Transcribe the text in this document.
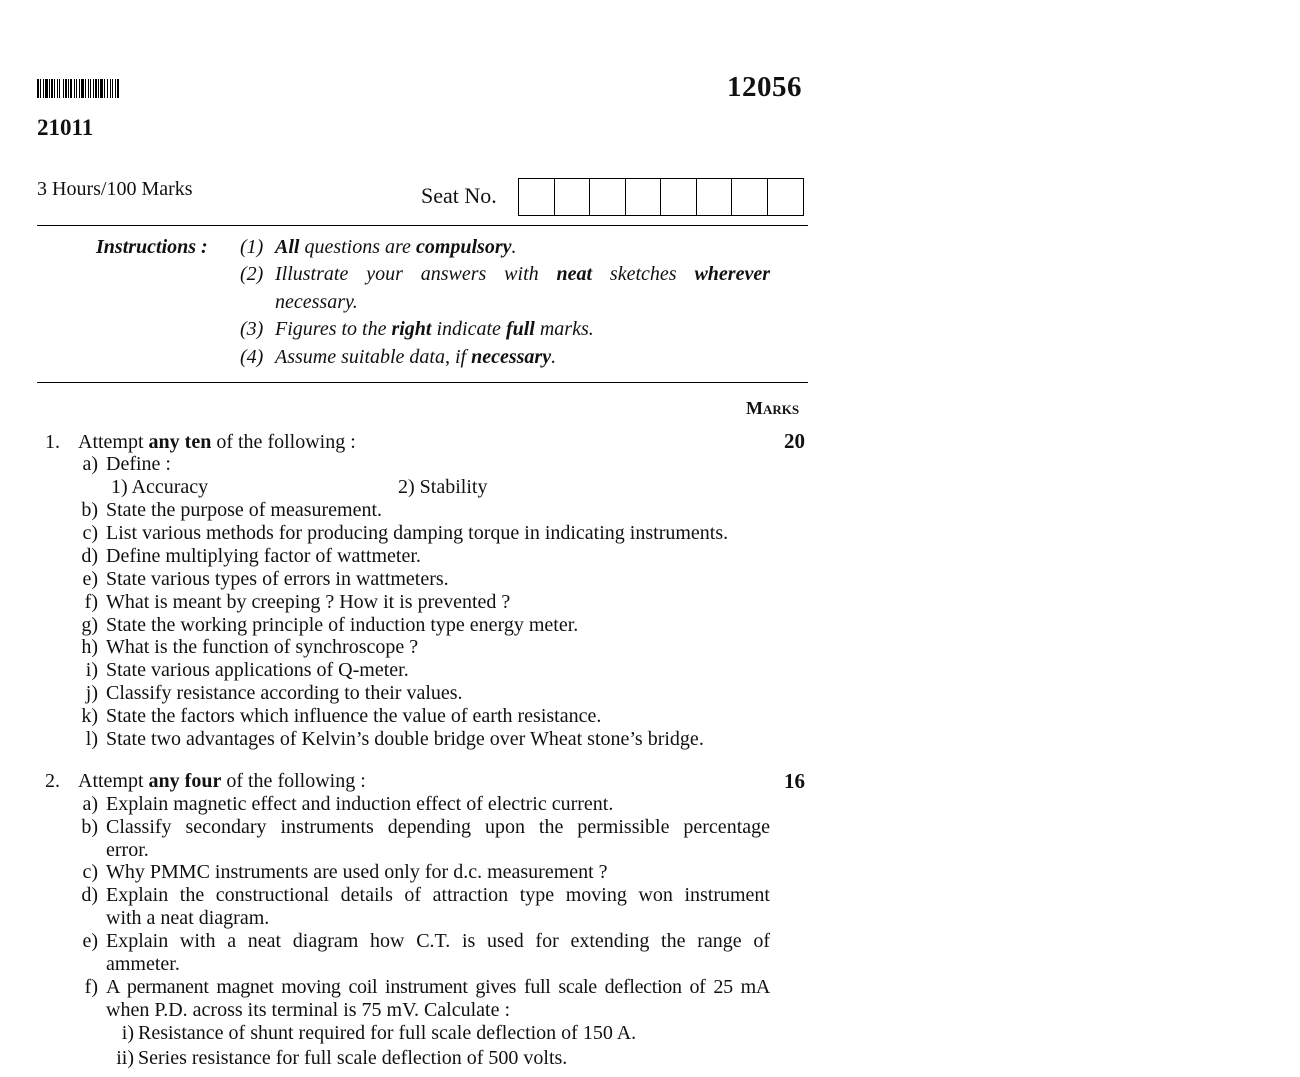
12056
21011
3 Hours/100 Marks	Seat No.
Instructions : (1) All questions are compulsory.
(2) Illustrate your answers with neat sketches wherever
necessary.
(3) Figures to the right indicate full marks.
(4) Assume suitable data, if necessary.
Marks
1. Attempt any ten of the following :	20
a) Define :
1) Accuracy	2) Stability
b) State the purpose of measurement.
c) List various methods for producing damping torque in indicating instruments.
d) Define multiplying factor of wattmeter.
e) State various types of errors in wattmeters.
f) What is meant by creeping ? How it is prevented ?
g) State the working principle of induction type energy meter.
h) What is the function of synchroscope ?
i) State various applications of Q-meter.
j) Classify resistance according to their values.
k) State the factors which influence the value of earth resistance.
l) State two advantages of Kelvin’s double bridge over Wheat stone’s bridge.
2. Attempt any four of the following :	16
a) Explain magnetic effect and induction effect of electric current.
b) Classify secondary instruments depending upon the permissible percentage
error.
c) Why PMMC instruments are used only for d.c. measurement ?
d) Explain the constructional details of attraction type moving won instrument
with a neat diagram.
e) Explain with a neat diagram how C.T. is used for extending the range of
ammeter.
f) A permanent magnet moving coil instrument gives full scale deflection of 25 mA
when P.D. across its terminal is 75 mV. Calculate :
i) Resistance of shunt required for full scale deflection of 150 A.
ii) Series resistance for full scale deflection of 500 volts.
